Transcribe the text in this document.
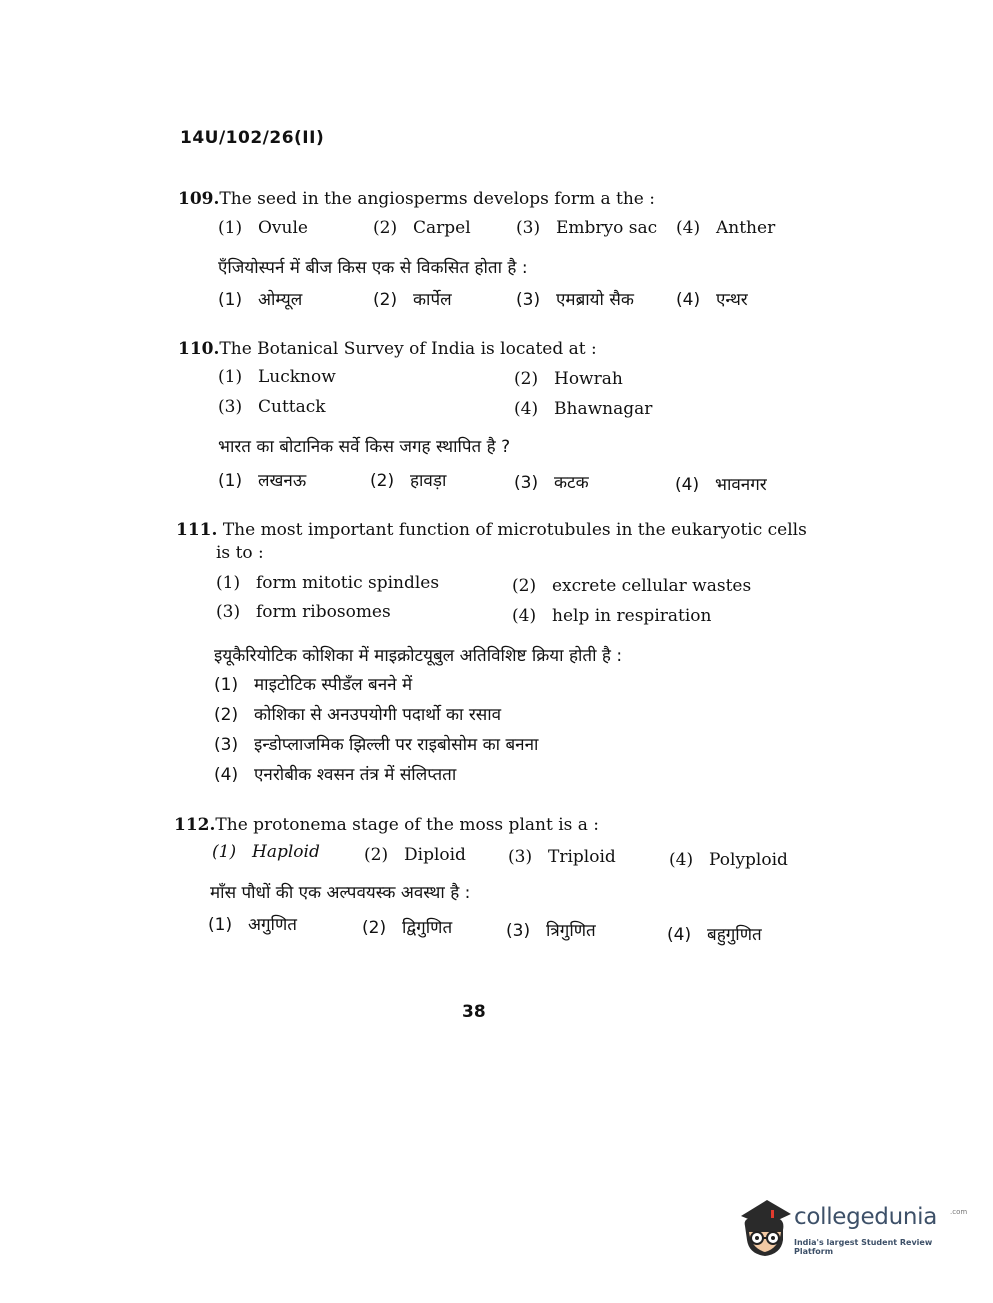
14U/102/26(II)
109.The seed in the angiosperms develops form a the :
(1) Ovule	(2) Carpel	(3) Embryo sac (4) Anther
एँजियोस्पर्न में बीज किस एक से विकसित होता है :
(1) ओम्यूल	(2) कार्पेल	(3) एमब्रायो सैक (4) एन्थर
110.The Botanical Survey of India is located at :
(1) Lucknow	(2) Howrah
(3) Cuttack	(4) Bhawnagar
भारत का बोटानिक सर्वे किस जगह स्थापित है ?
(1) लखनऊ	(2) हावड़ा	(3) कटक	(4) भावनगर
111. The most important function of microtubules in the eukaryotic cells
is to :
(1) form mitotic spindles	(2) excrete cellular wastes
(3) form ribosomes	(4) help in respiration
इयूकैरियोटिक कोशिका में माइक्रोटयूबुल अतिविशिष्ट क्रिया होती है :
(1) माइटोटिक स्पीडँल बनने में
(2) कोशिका से अनउपयोगी पदार्थो का रसाव
(3) इन्डोप्लाजमिक झिल्ली पर राइबोसोम का बनना
(4) एनरोबीक श्वसन तंत्र में संलिप्तता
112.The protonema stage of the moss plant is a :
(1) Haploid	(2) Diploid (3) Triploid	(4) Polyploid
माँस पौधों की एक अल्पवयस्क अवस्था है :
(1) अगुणित	(2) द्विगुणित	(3) त्रिगुणित	(4) बहुगुणित
38
collegedunia .com
India's largest Student Review Platform
